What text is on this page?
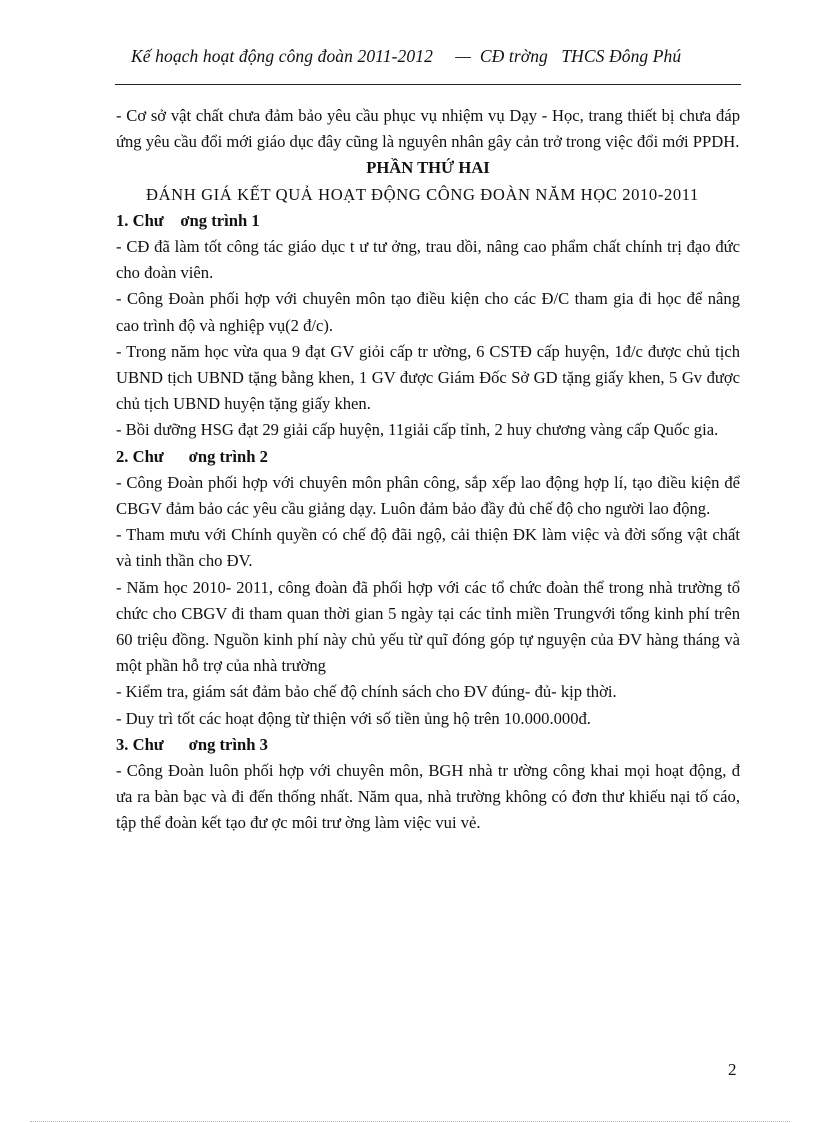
Kế hoạch hoạt động công đoàn 2011-2012     —  CĐ trờng   THCS Đông Phú

- Cơ sở vật chất chưa đảm bảo yêu cầu phục vụ nhiệm vụ Dạy - Học, trang thiết bị chưa đáp ứng yêu cầu đổi mới giáo dục đây cũng là nguyên nhân gây cản trở trong việc đổi mới PPDH.

PHẦN THỨ HAI

ĐÁNH GIÁ KẾT QUẢ HOẠT ĐỘNG CÔNG ĐOÀN NĂM HỌC 2010-2011

1. Chư    ơng trình 1

- CĐ đã làm tốt công tác giáo dục t ư tư ởng, trau dồi, nâng cao phẩm chất chính trị đạo đức cho đoàn viên.

- Công Đoàn phối hợp với chuyên môn tạo điều kiện cho các Đ/C tham gia đi học để nâng cao trình độ và nghiệp vụ(2 đ/c).

- Trong năm học vừa qua 9 đạt GV giỏi cấp tr ường, 6 CSTĐ cấp huyện, 1đ/c được chủ tịch UBND tịch UBND tặng bằng khen, 1 GV được Giám Đốc Sở GD tặng giấy khen, 5 Gv được chủ tịch UBND huyện tặng giấy khen.

- Bồi dưỡng HSG đạt 29 giải cấp huyện, 11giải cấp tỉnh, 2 huy chương vàng cấp Quốc gia.

2. Chư      ơng trình 2

- Công Đoàn phối hợp với chuyên môn phân công, sắp xếp lao động hợp lí, tạo điều kiện để CBGV đảm bảo các yêu cầu giảng dạy. Luôn đảm bảo đầy đủ chế độ cho người lao động.

- Tham mưu với Chính quyền có chế độ đãi ngộ, cải thiện ĐK làm việc và đời sống vật chất và tinh thần cho ĐV.

- Năm học 2010- 2011, công đoàn đã phối hợp với các tổ chức đoàn thể trong nhà trường tổ chức cho CBGV đi tham quan thời gian 5 ngày tại các tỉnh miền Trungvới tổng kinh phí trên 60 triệu đồng. Nguồn kinh phí này chủ yếu từ quĩ đóng góp tự nguyện của ĐV hàng tháng và một phần hỗ trợ của nhà trường

- Kiểm tra, giám sát đảm bảo chế độ chính sách cho ĐV đúng- đủ- kịp thời.

- Duy trì tốt các hoạt động từ thiện với số tiền ủng hộ trên 10.000.000đ.

3. Chư      ơng trình 3

- Công Đoàn luôn phối hợp với chuyên môn, BGH nhà tr ường công khai mọi hoạt động, đ ưa ra bàn bạc và đi đến thống nhất. Năm qua, nhà trường không có đơn thư khiếu nại tố cáo, tập thể đoàn kết tạo đư ợc môi trư ờng làm việc vui vẻ.

2
